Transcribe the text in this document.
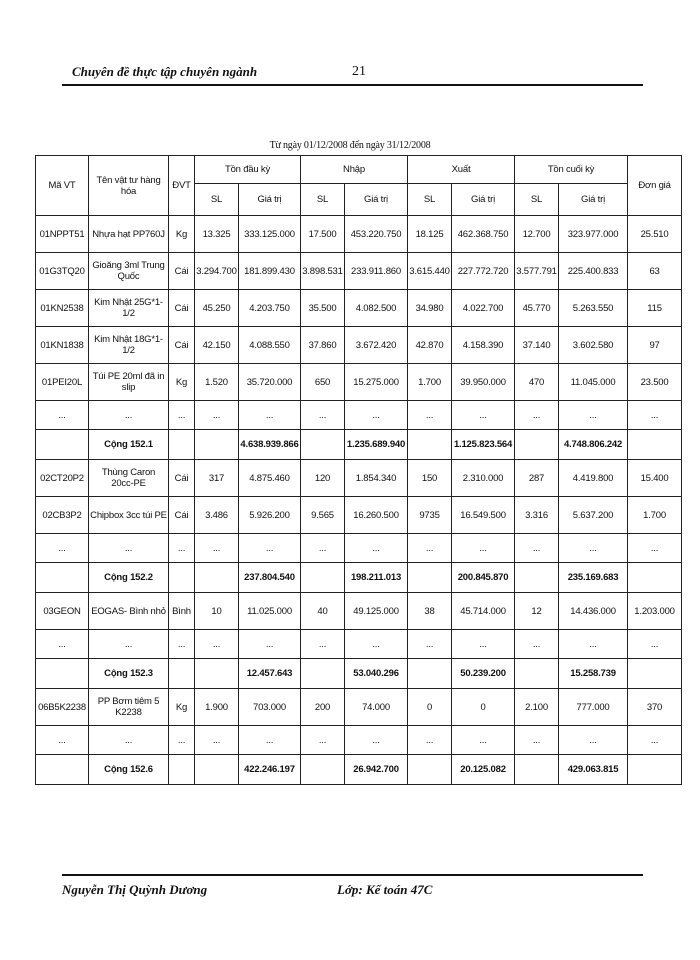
Chuyên đề thực tập chuyên ngành	21
Từ ngày 01/12/2008 đến ngày 31/12/2008
Mã VT	Tên vật tư hàng hóa	ĐVT	Tồn đầu kỳ		Nhập		Xuất		Tồn cuối kỳ		Đơn giá
			SL	Giá trị	SL	Giá trị	SL	Giá trị	SL	Giá trị	
01NPPT51	Nhựa hạt PP760J	Kg	13.325	333.125.000	17.500	453.220.750	18.125	462.368.750	12.700	323.977.000	25.510
01G3TQ20	Gioăng 3ml Trung Quốc	Cái	3.294.700	181.899.430	3.898.531	233.911.860	3.615.440	227.772.720	3.577.791	225.400.833	63
01KN2538	Kim Nhật 25G*1-1/2	Cái	45.250	4.203.750	35.500	4.082.500	34.980	4.022.700	45.770	5.263.550	115
01KN1838	Kim Nhật 18G*1-1/2	Cái	42.150	4.088.550	37.860	3.672.420	42.870	4.158.390	37.140	3.602.580	97
01PEI20L	Túi PE 20ml đã in slip	Kg	1.520	35.720.000	650	15.275.000	1.700	39.950.000	470	11.045.000	23.500
...	...	...	...	...	...	...	...	...	...	...	...
	Cộng 152.1			4.638.939.866		1.235.689.940		1.125.823.564		4.748.806.242	
02CT20P2	Thùng Caron 20cc-PE	Cái	317	4.875.460	120	1.854.340	150	2.310.000	287	4.419.800	15.400
02CB3P2	Chipbox 3cc túi PE	Cái	3.486	5.926.200	9.565	16.260.500	9735	16.549.500	3.316	5.637.200	1.700
...	...	...	...	...	...	...	...	...	...	...	...
	Cộng 152.2			237.804.540		198.211.013		200.845.870		235.169.683	
03GEON	EOGAS- Bình nhỏ	Bình	10	11.025.000	40	49.125.000	38	45.714.000	12	14.436.000	1.203.000
...	...	...	...	...	...	...	...	...	...	...	...
	Cộng 152.3			12.457.643		53.040.296		50.239.200		15.258.739	
06B5K2238	PP Bơm tiêm 5 K2238	Kg	1.900	703.000	200	74.000	0	0	2.100	777.000	370
...	...	...	...	...	...	...	...	...	...	...	...
	Cộng 152.6			422.246.197		26.942.700		20.125.082		429.063.815	
Nguyễn Thị Quỳnh Dương	Lớp: Kế toán 47C
